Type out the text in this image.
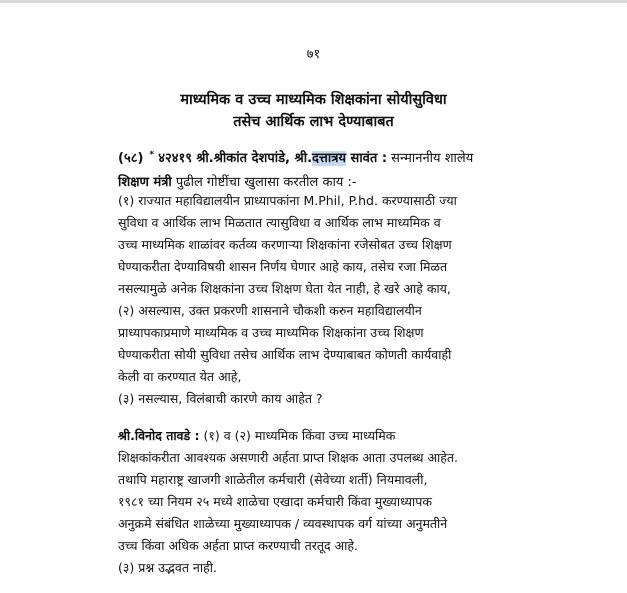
७१
माध्यमिक व उच्च माध्यमिक शिक्षकांना सोयीसुविधा
तसेच आर्थिक लाभ देण्याबाबत
(५८) * ४२४१९ श्री.श्रीकांत देशपांडे, श्री.दत्तात्रय सावंत : सन्माननीय शालेय
शिक्षण मंत्री पुढील गोष्टींचा खुलासा करतील काय :-
(१) राज्यात महाविद्यालयीन प्राध्यापकांना M.Phil, P.hd. करण्यासाठी ज्या
सुविधा व आर्थिक लाभ मिळतात त्यासुविधा व आर्थिक लाभ माध्यमिक व
उच्च माध्यमिक शाळांवर कर्तव्य करणाऱ्या शिक्षकांना रजेसोबत उच्च शिक्षण
घेण्याकरीता देण्याविषयी शासन निर्णय घेणार आहे काय, तसेच रजा मिळत
नसल्यामुळे अनेक शिक्षकांना उच्च शिक्षण घेता येत नाही, हे खरे आहे काय,
(२) असल्यास, उक्त प्रकरणी शासनाने चौकशी करुन महाविद्यालयीन
प्राध्यापकाप्रमाणे माध्यमिक व उच्च माध्यमिक शिक्षकांना उच्च शिक्षण
घेण्याकरीता सोयी सुविधा तसेच आर्थिक लाभ देण्याबाबत कोणती कार्यवाही
केली वा करण्यात येत आहे,
(३) नसल्यास, विलंबाची कारणे काय आहेत ?
श्री.विनोद तावडे : (१) व (२) माध्यमिक किंवा उच्च माध्यमिक
शिक्षकांकरीता आवश्यक असणारी अर्हता प्राप्त शिक्षक आता उपलब्ध आहेत.
तथापि महाराष्ट्र खाजगी शाळेतील कर्मचारी (सेवेच्या शर्ती) नियमावली,
१९८१ च्या नियम २५ मध्ये शाळेचा एखादा कर्मचारी किंवा मुख्याध्यापक
अनुक्रमे संबंधित शाळेच्या मुख्याध्यापक / व्यवस्थापक वर्ग यांच्या अनुमतीने
उच्च किंवा अधिक अर्हता प्राप्त करण्याची तरतूद आहे.
(३) प्रश्न उद्भवत नाही.
